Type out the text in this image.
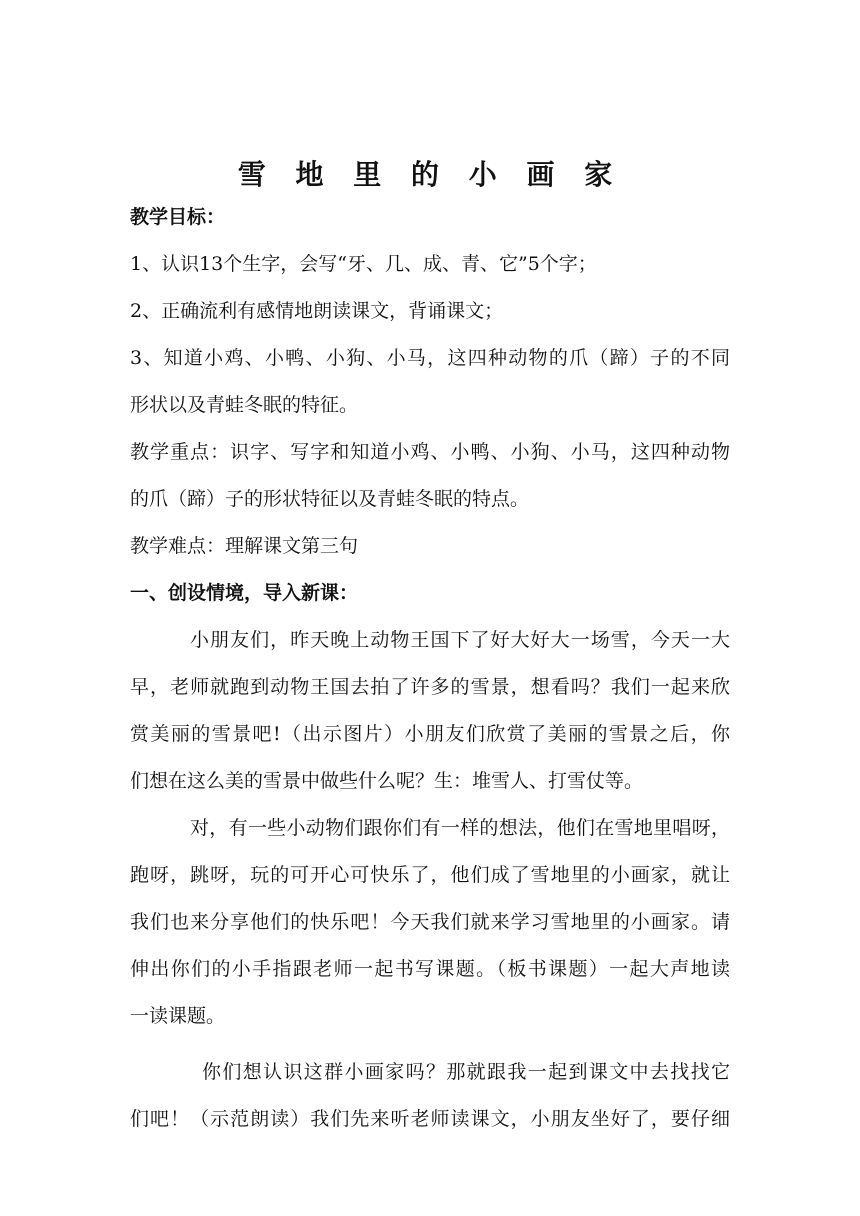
雪 地 里 的 小 画 家
教学目标：
1、认识13个生字，会写“牙、几、成、青、它”5个字；
2、正确流利有感情地朗读课文，背诵课文；
3、知道小鸡、小鸭、小狗、小马，这四种动物的爪（蹄）子的不同
形状以及青蛙冬眠的特征。
教学重点：识字、写字和知道小鸡、小鸭、小狗、小马，这四种动物
的爪（蹄）子的形状特征以及青蛙冬眠的特点。
教学难点：理解课文第三句
一、创设情境，导入新课：
小朋友们，昨天晚上动物王国下了好大好大一场雪，今天一大
早，老师就跑到动物王国去拍了许多的雪景，想看吗？我们一起来欣
赏美丽的雪景吧!（出示图片）小朋友们欣赏了美丽的雪景之后，你
们想在这么美的雪景中做些什么呢？生：堆雪人、打雪仗等。
对，有一些小动物们跟你们有一样的想法，他们在雪地里唱呀，
跑呀，跳呀，玩的可开心可快乐了，他们成了雪地里的小画家，就让
我们也来分享他们的快乐吧！今天我们就来学习雪地里的小画家。请
伸出你们的小手指跟老师一起书写课题。（板书课题）一起大声地读
一读课题。
你们想认识这群小画家吗？那就跟我一起到课文中去找找它
们吧！（示范朗读）我们先来听老师读课文，小朋友坐好了，要仔细
